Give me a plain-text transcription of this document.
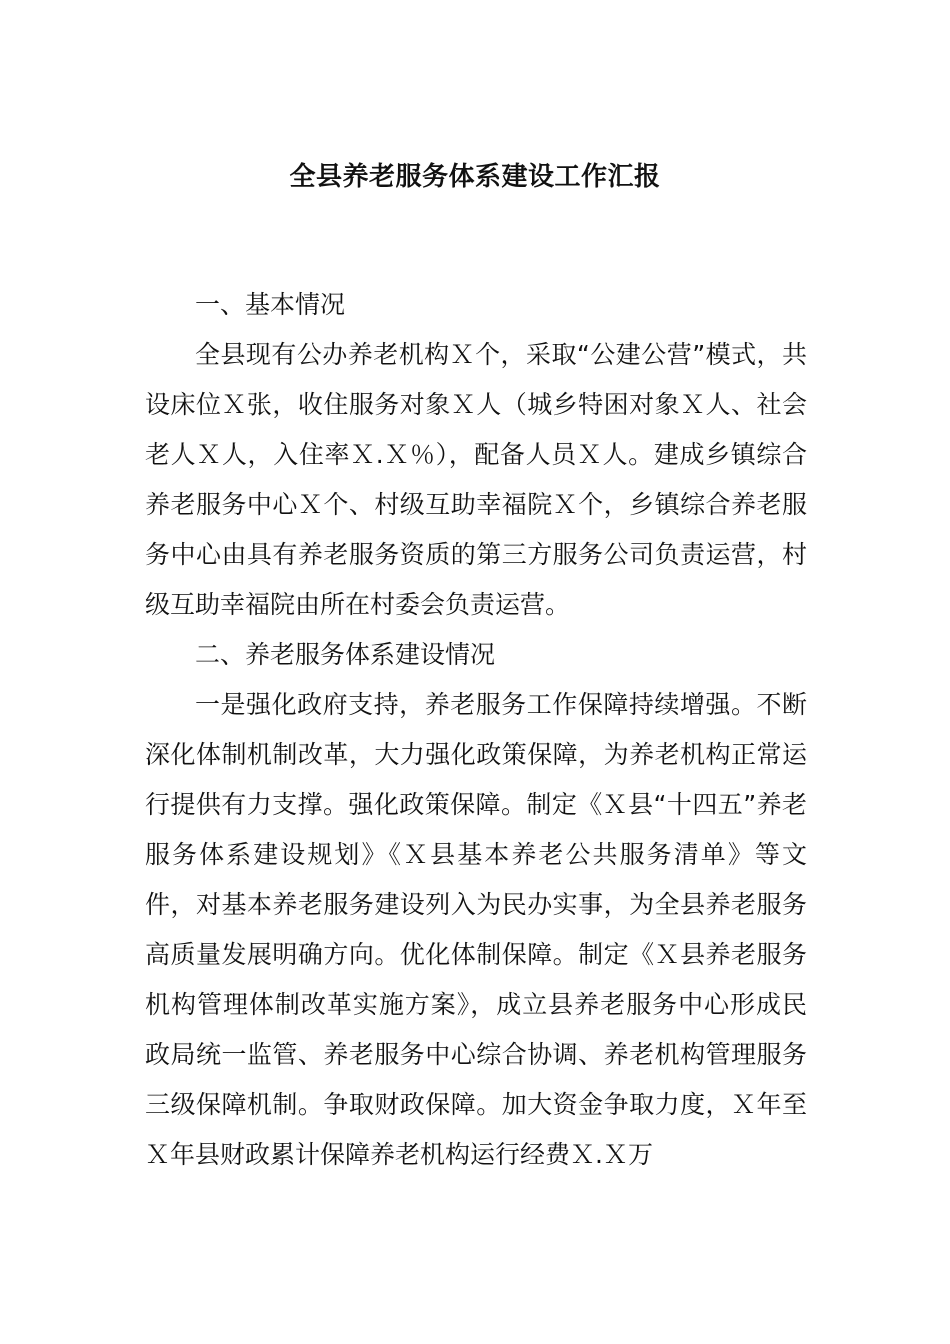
全县养老服务体系建设工作汇报

一、基本情况

全县现有公办养老机构Ｘ个，采取“公建公营”模式，共设床位Ｘ张，收住服务对象Ｘ人（城乡特困对象Ｘ人、社会老人Ｘ人，入住率Ｘ.Ｘ％），配备人员Ｘ人。建成乡镇综合养老服务中心Ｘ个、村级互助幸福院Ｘ个，乡镇综合养老服务中心由具有养老服务资质的第三方服务公司负责运营，村级互助幸福院由所在村委会负责运营。

二、养老服务体系建设情况

一是强化政府支持，养老服务工作保障持续增强。不断深化体制机制改革，大力强化政策保障，为养老机构正常运行提供有力支撑。强化政策保障。制定《Ｘ县“十四五”养老服务体系建设规划》《Ｘ县基本养老公共服务清单》等文件，对基本养老服务建设列入为民办实事，为全县养老服务高质量发展明确方向。优化体制保障。制定《Ｘ县养老服务机构管理体制改革实施方案》，成立县养老服务中心形成民政局统一监管、养老服务中心综合协调、养老机构管理服务三级保障机制。争取财政保障。加大资金争取力度，Ｘ年至Ｘ年县财政累计保障养老机构运行经费Ｘ.Ｘ万
